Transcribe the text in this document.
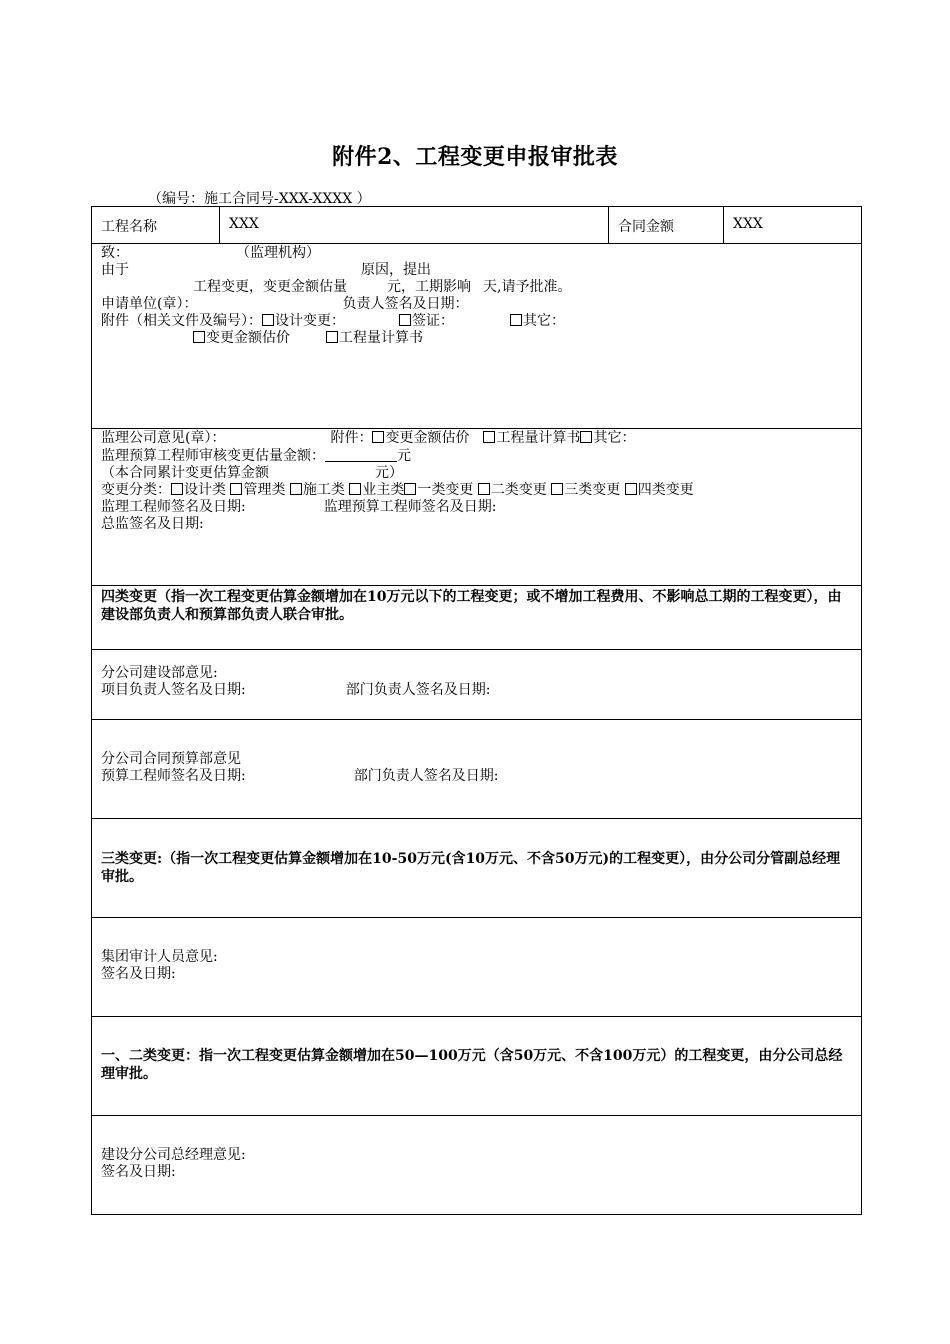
附件2、工程变更申报审批表
（编号：施工合同号-XXX-XXXX ）
工程名称	XXX	合同金额	XXX

致：	（监理机构）
由于	原因，提出
工程变更，变更金额估量	元，工期影响 天,请予批准。
申请单位(章）：	负责人签名及日期：
附件（相关文件及编号）： 设计变更：	签证：	其它：
变更金额估价	工程量计算书

监理公司意见(章）：	附件： 变更金额估价 工程量计算书 其它：
监理预算工程师审核变更估量金额：	元
（本合同累计变更估算金额	元）
变更分类： 设计类 管理类 施工类 业主类 一类变更 二类变更 三类变更 四类变更
监理工程师签名及日期:	监理预算工程师签名及日期:
总监签名及日期:

四类变更（指一次工程变更估算金额增加在10万元以下的工程变更；或不增加工程费用、不影响总工期的工程变更），由建设部负责人和预算部负责人联合审批。

分公司建设部意见:
项目负责人签名及日期:	部门负责人签名及日期:

分公司合同预算部意见
预算工程师签名及日期:	部门负责人签名及日期:

三类变更:（指一次工程变更估算金额增加在10-50万元(含10万元、不含50万元)的工程变更），由分公司分管副总经理审批。

集团审计人员意见:
签名及日期:

一、二类变更：指一次工程变更估算金额增加在50—100万元（含50万元、不含100万元）的工程变更，由分公司总经理审批。

建设分公司总经理意见:
签名及日期:
